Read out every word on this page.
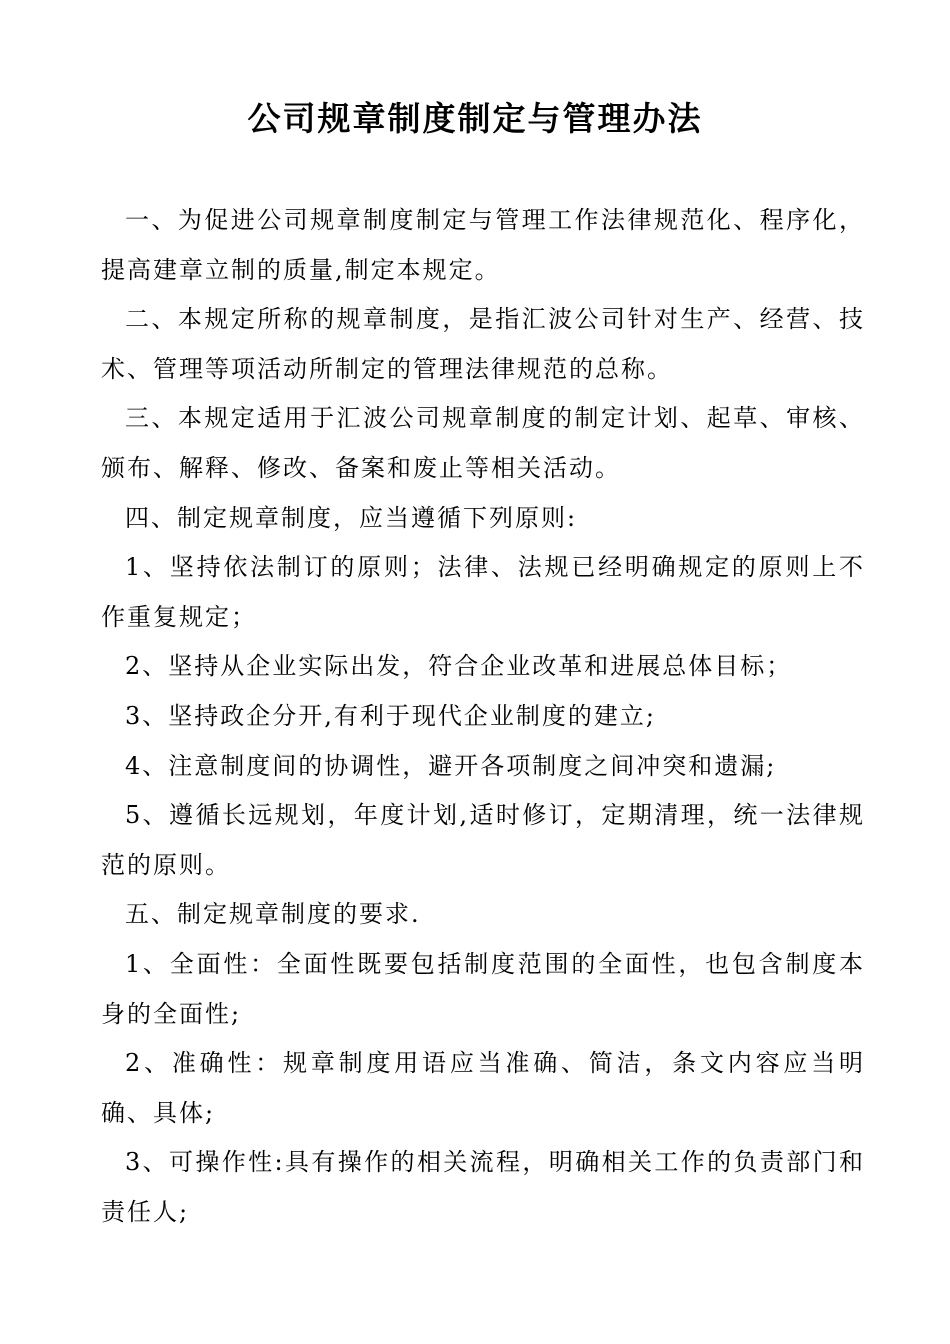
公司规章制度制定与管理办法

一、为促进公司规章制度制定与管理工作法律规范化、程序化，提高建章立制的质量,制定本规定。

二、本规定所称的规章制度，是指汇波公司针对生产、经营、技术、管理等项活动所制定的管理法律规范的总称。

三、本规定适用于汇波公司规章制度的制定计划、起草、审核、颁布、解释、修改、备案和废止等相关活动。

四、制定规章制度，应当遵循下列原则:

1、坚持依法制订的原则；法律、法规已经明确规定的原则上不作重复规定；

2、坚持从企业实际出发，符合企业改革和进展总体目标；

3、坚持政企分开,有利于现代企业制度的建立;

4、注意制度间的协调性，避开各项制度之间冲突和遗漏;

5、遵循长远规划，年度计划,适时修订，定期清理，统一法律规范的原则。

五、制定规章制度的要求.

1、全面性：全面性既要包括制度范围的全面性，也包含制度本身的全面性;

2、准确性：规章制度用语应当准确、简洁，条文内容应当明确、具体;

3、可操作性:具有操作的相关流程，明确相关工作的负责部门和责任人;
